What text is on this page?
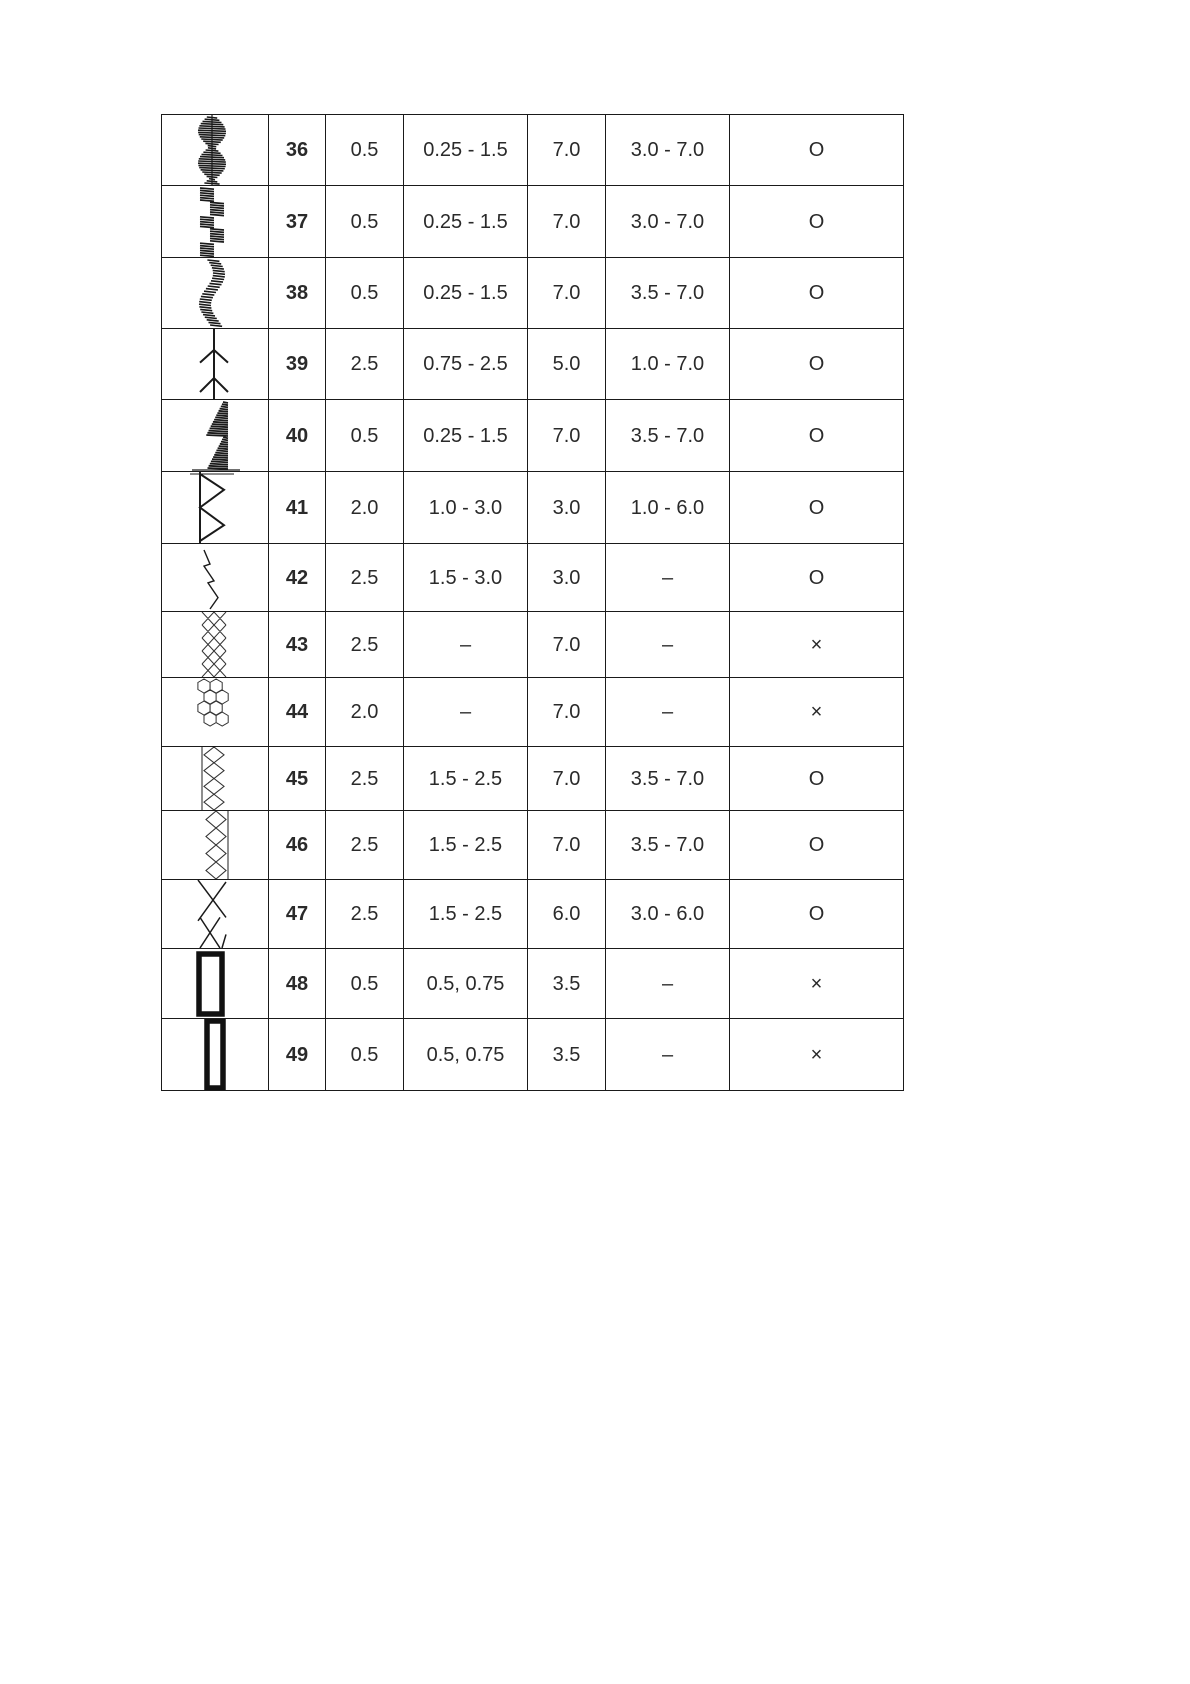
	36	0.5	0.25 - 1.5	7.0	3.0 - 7.0	O

	37	0.5	0.25 - 1.5	7.0	3.0 - 7.0	O

	38	0.5	0.25 - 1.5	7.0	3.5 - 7.0	O

	39	2.5	0.75 - 2.5	5.0	1.0 - 7.0	O

	40	0.5	0.25 - 1.5	7.0	3.5 - 7.0	O

	41	2.0	1.0 - 3.0	3.0	1.0 - 6.0	O

	42	2.5	1.5 - 3.0	3.0	–	O

	43	2.5	–	7.0	–	×

	44	2.0	–	7.0	–	×

	45	2.5	1.5 - 2.5	7.0	3.5 - 7.0	O

	46	2.5	1.5 - 2.5	7.0	3.5 - 7.0	O

	47	2.5	1.5 - 2.5	6.0	3.0 - 6.0	O

	48	0.5	0.5, 0.75	3.5	–	×

	49	0.5	0.5, 0.75	3.5	–	×
